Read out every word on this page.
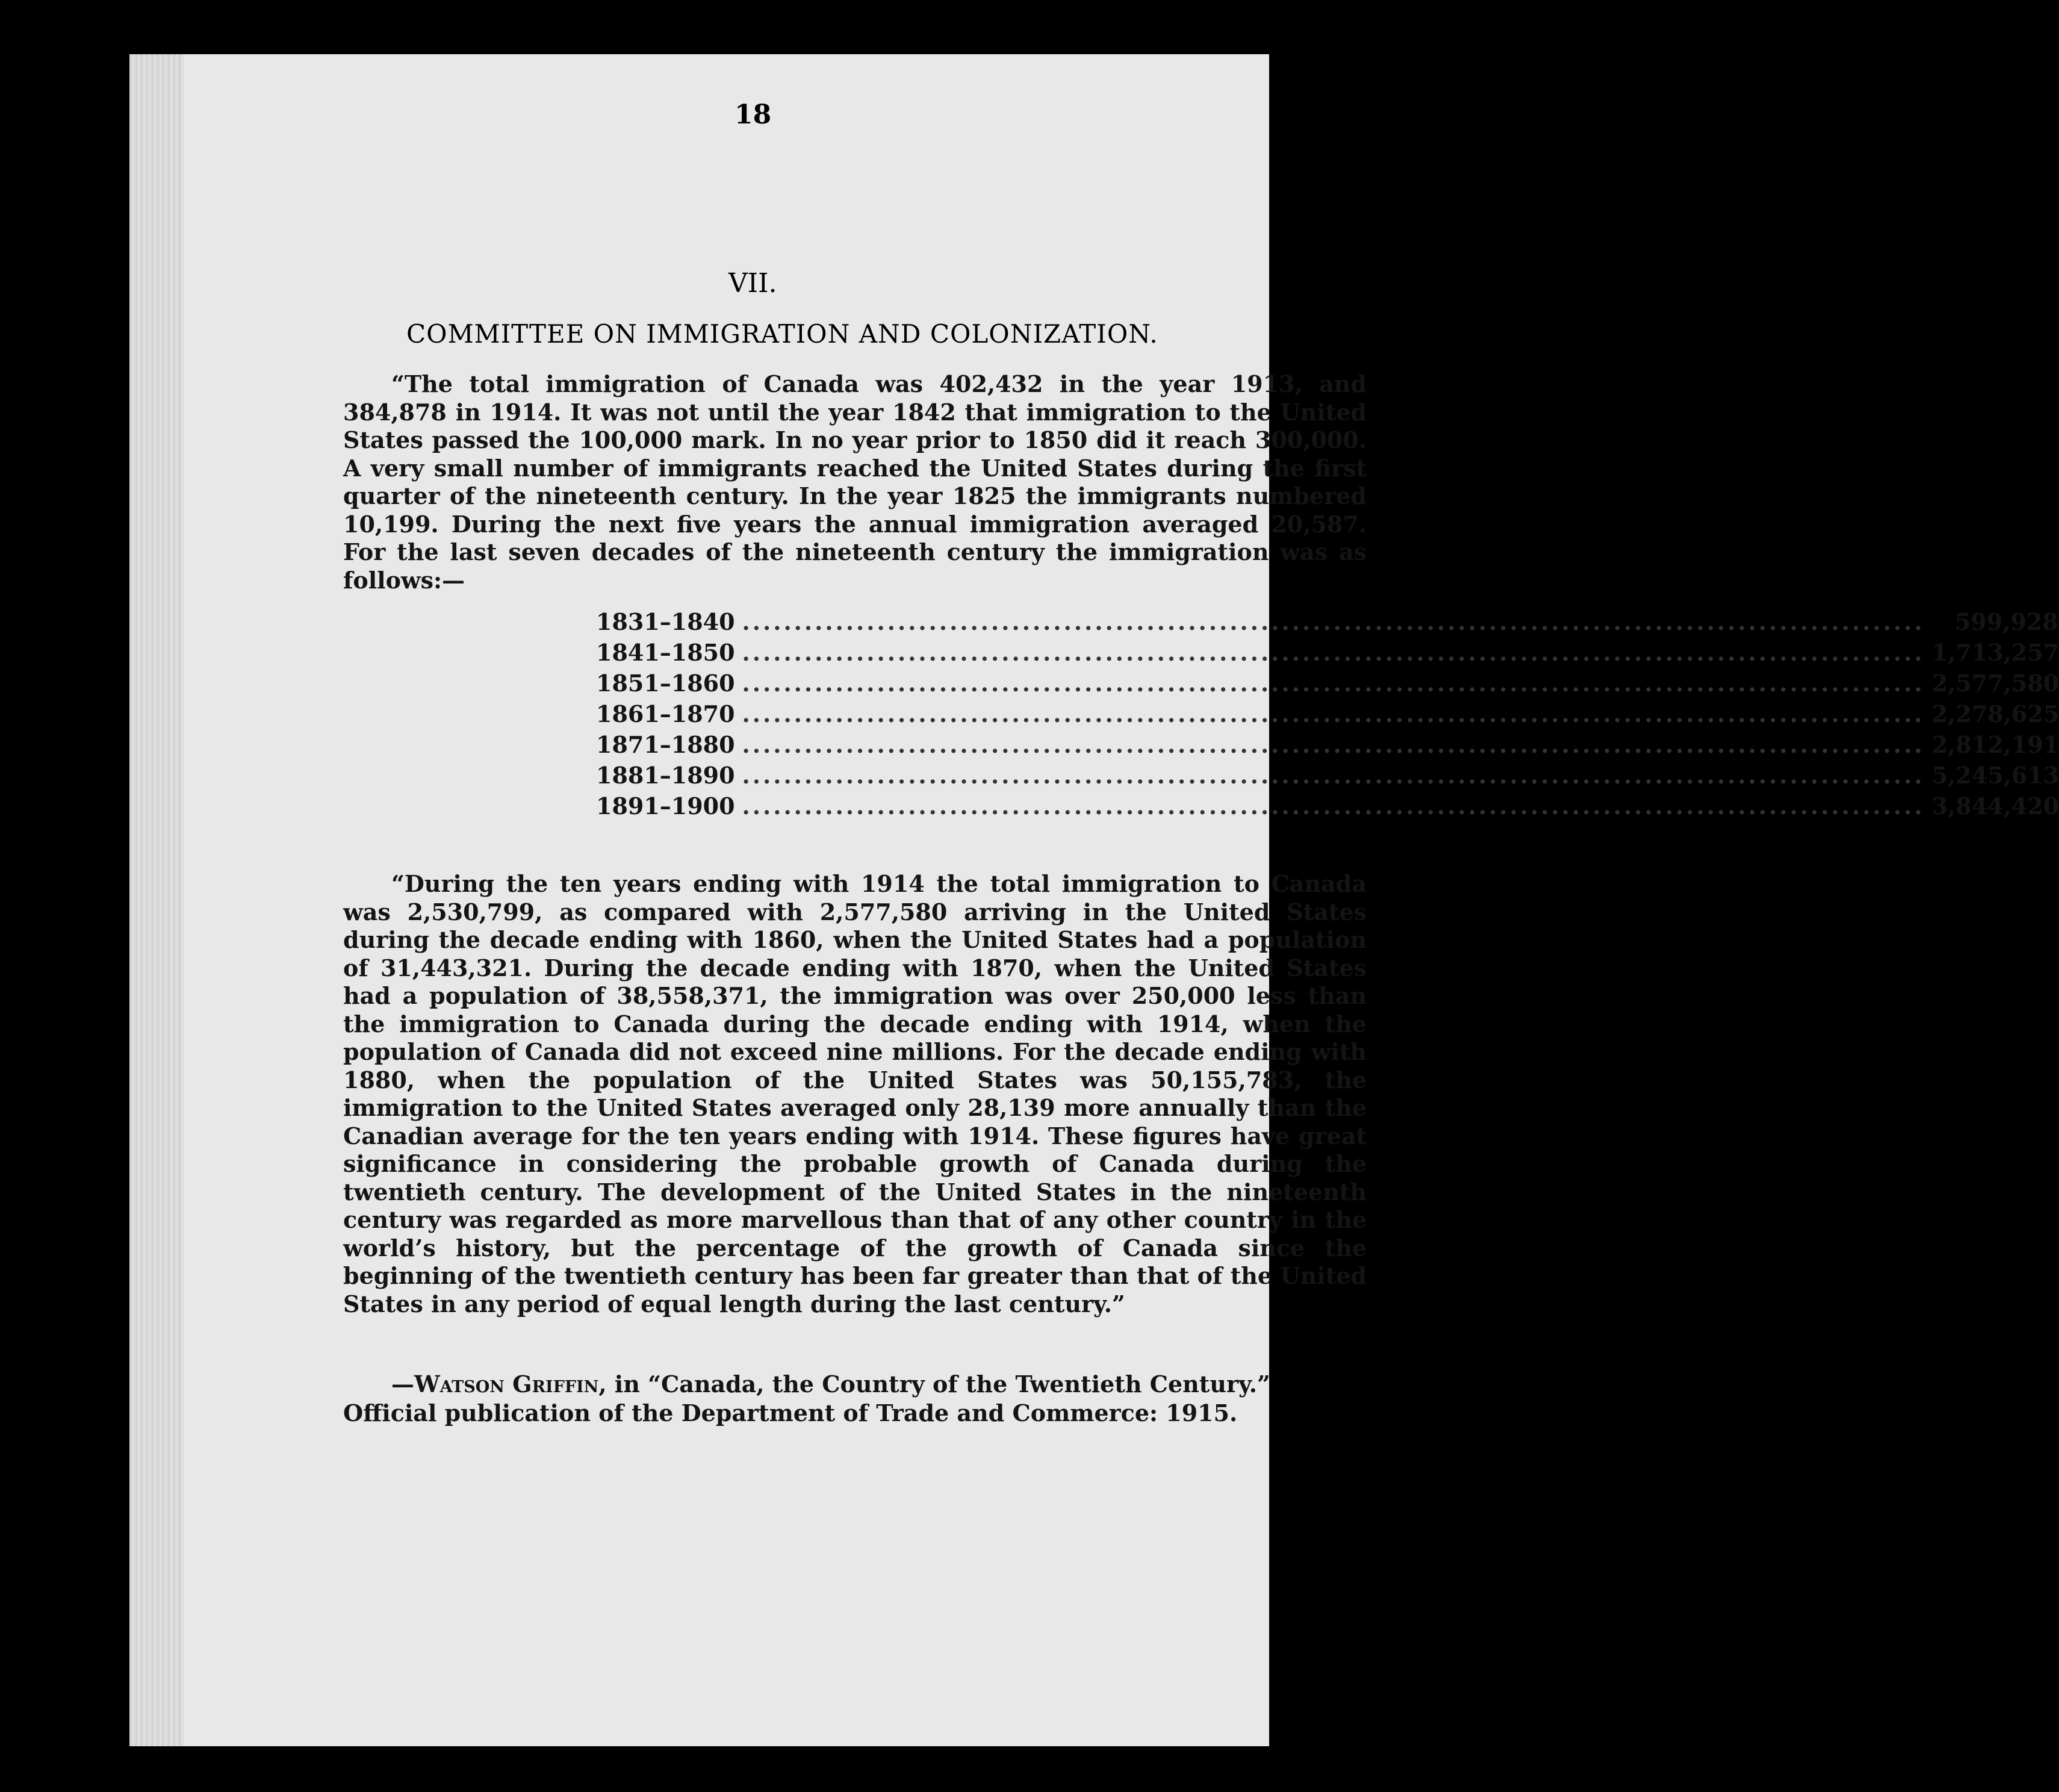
18
VII.
COMMITTEE ON IMMIGRATION AND COLONIZATION.

“The total immigration of Canada was 402,432 in the year 1913, and 384,878 in 1914. It was not until the year 1842 that immigration to the United States passed the 100,000 mark. In no year prior to 1850 did it reach 300,000. A very small number of immigrants reached the United States during the first quarter of the nineteenth century. In the year 1825 the immigrants numbered 10,199. During the next five years the annual immigration averaged 20,587. For the last seven decades of the nineteenth century the immigration was as follows:—

1831–1840 .....	599,928
1841–1850 .....	1,713,257
1851–1860 .....	2,577,580
1861–1870 .....	2,278,625
1871–1880 .....	2,812,191
1881–1890 .....	5,245,613
1891–1900 .....	3,844,420

“During the ten years ending with 1914 the total immigration to Canada was 2,530,799, as compared with 2,577,580 arriving in the United States during the decade ending with 1860, when the United States had a population of 31,443,321. During the decade ending with 1870, when the United States had a population of 38,558,371, the immigration was over 250,000 less than the immigration to Canada during the decade ending with 1914, when the population of Canada did not exceed nine millions. For the decade ending with 1880, when the population of the United States was 50,155,783, the immigration to the United States averaged only 28,139 more annually than the Canadian average for the ten years ending with 1914. These figures have great significance in considering the probable growth of Canada during the twentieth century. The development of the United States in the nineteenth century was regarded as more marvellous than that of any other country in the world’s history, but the percentage of the growth of Canada since the beginning of the twentieth century has been far greater than that of the United States in any period of equal length during the last century.”

—Watson Griffin, in “Canada, the Country of the Twentieth Century.”

Official publication of the Department of Trade and Commerce: 1915.
